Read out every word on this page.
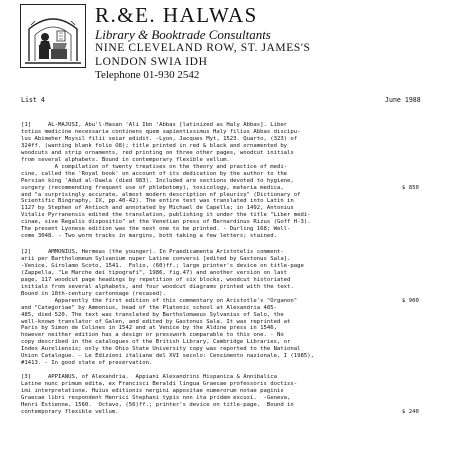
R.&E. HALWAS
Library & Booktrade Consultants
NINE CLEVELAND ROW, ST. JAMES'S
LONDON SWIA IDH
Telephone 01-930 2542
List 4	June 1988
[1]     AL-MAJUSI, Abu'l-Hasan 'Ali Ibn 'Abbas [latinized as Haly Abbas]. Liber
totius medicine necessaria continens quem sapientissimus Haly filius Abbas discipu-
lus Abimeher Moysil filii seiar edidit. -Lyon, Jacques Myt, 1523. Quarto, (323) of
324ff. (wanting blank folio O8); title printed in red & black and ornamented by
woodcuts and strip ornaments, red printing on three other pages, woodcut initials
from several alphabets. Bound in contemporary flexible vellum.
A compilation of twenty treatises on the theory and practice of medi-
cine, called the 'Royal book' on account of its dedication by the author to the
Persian king 'Adud al-Dawla (died 983). Included are sections devoted to hygiene,
surgery (recommending frequent use of phlebotomy), toxicology, materia medica,
and "a surprisingly accurate, almost modern description of pleurisy" (Dictionary of
Scientific Biography, IX, pp.40-42). The entire text was translated into Latin in
1127 by Stephen of Antioch and annotated by Michael de Capella; in 1492, Antonius
Vitalis Pyrranensis edited the translation, publishing it under the title "Liber medi-
cinae, sive Regalis dispositio" at the Venetian press of Bernardinus Rizus (Goff H-3).
The present Lyonese edition was the next one to be printed. - Durling 168; Well-
come 3048. - Two worm tracks in margins, both taking a few letters; stained.
$ 850
[2]     AMMONIUS, Hermeas (the younger). In Praedicamenta Aristotelis comment-
arii per Bartholomeum Sylvanium nuper Latine conversi [edited by Gastonus Sala].
-Venice, Girolamo Scoto, 1541.  Folio, (60)ff.; large printer's device on title-page
(Zappella, "Le Marche dei tipografi", 1986, fig.47) and another version on last
page, 117 woodcut page headings by repetition of six blocks, woodcut historiated
initials from several alphabets, and four woodcut diagrams printed with the text.
Bound in 18th-century cartonnage (recased).
Apparently the first edition of this commentary on Aristotle's "Organon"
and "Categoriae" by Ammonius, head of the Platonic school at Alexandria 485-
485, died 520. The text was translated by Bartholomaeus Sylvanius of Salo, the
well-known translator of Galen, and edited by Gastonus Sala. It was reprinted at
Paris by Simon de Colines in 1542 and at Venice by the Aldine press in 1546,
however neither edition has a design or presswork comparable to this one. - No
copy described in the catalogues of the British Library, Cambridge Libraries, or
Index Aureliensis; only the Ohio State University copy was reported to the National
Union Catalogue. - Le Edizioni italiane del XVI secolo: Censimento nazionale, I (1985),
#1413. - In good state of preservation.
$ 900
[3]     APPIANUS, of Alexandria.  Appiani Alexandrini Hispanica & Annibalica
Latine nunc primum edita, ex Francisci Beraldi lingua Graecae professoris doctiss-
imi interpretatione. Huius editionis nergini appositae numerorum notae paginis
Graecae libri respondent Henrici Stephani typis non ita pridem excusi.  -Geneva,
Henri Estienne, 1560.  Octavo, (56)ff.; printer's device on title-page.  Bound in
contemporary flexible vellum.	$ 240
